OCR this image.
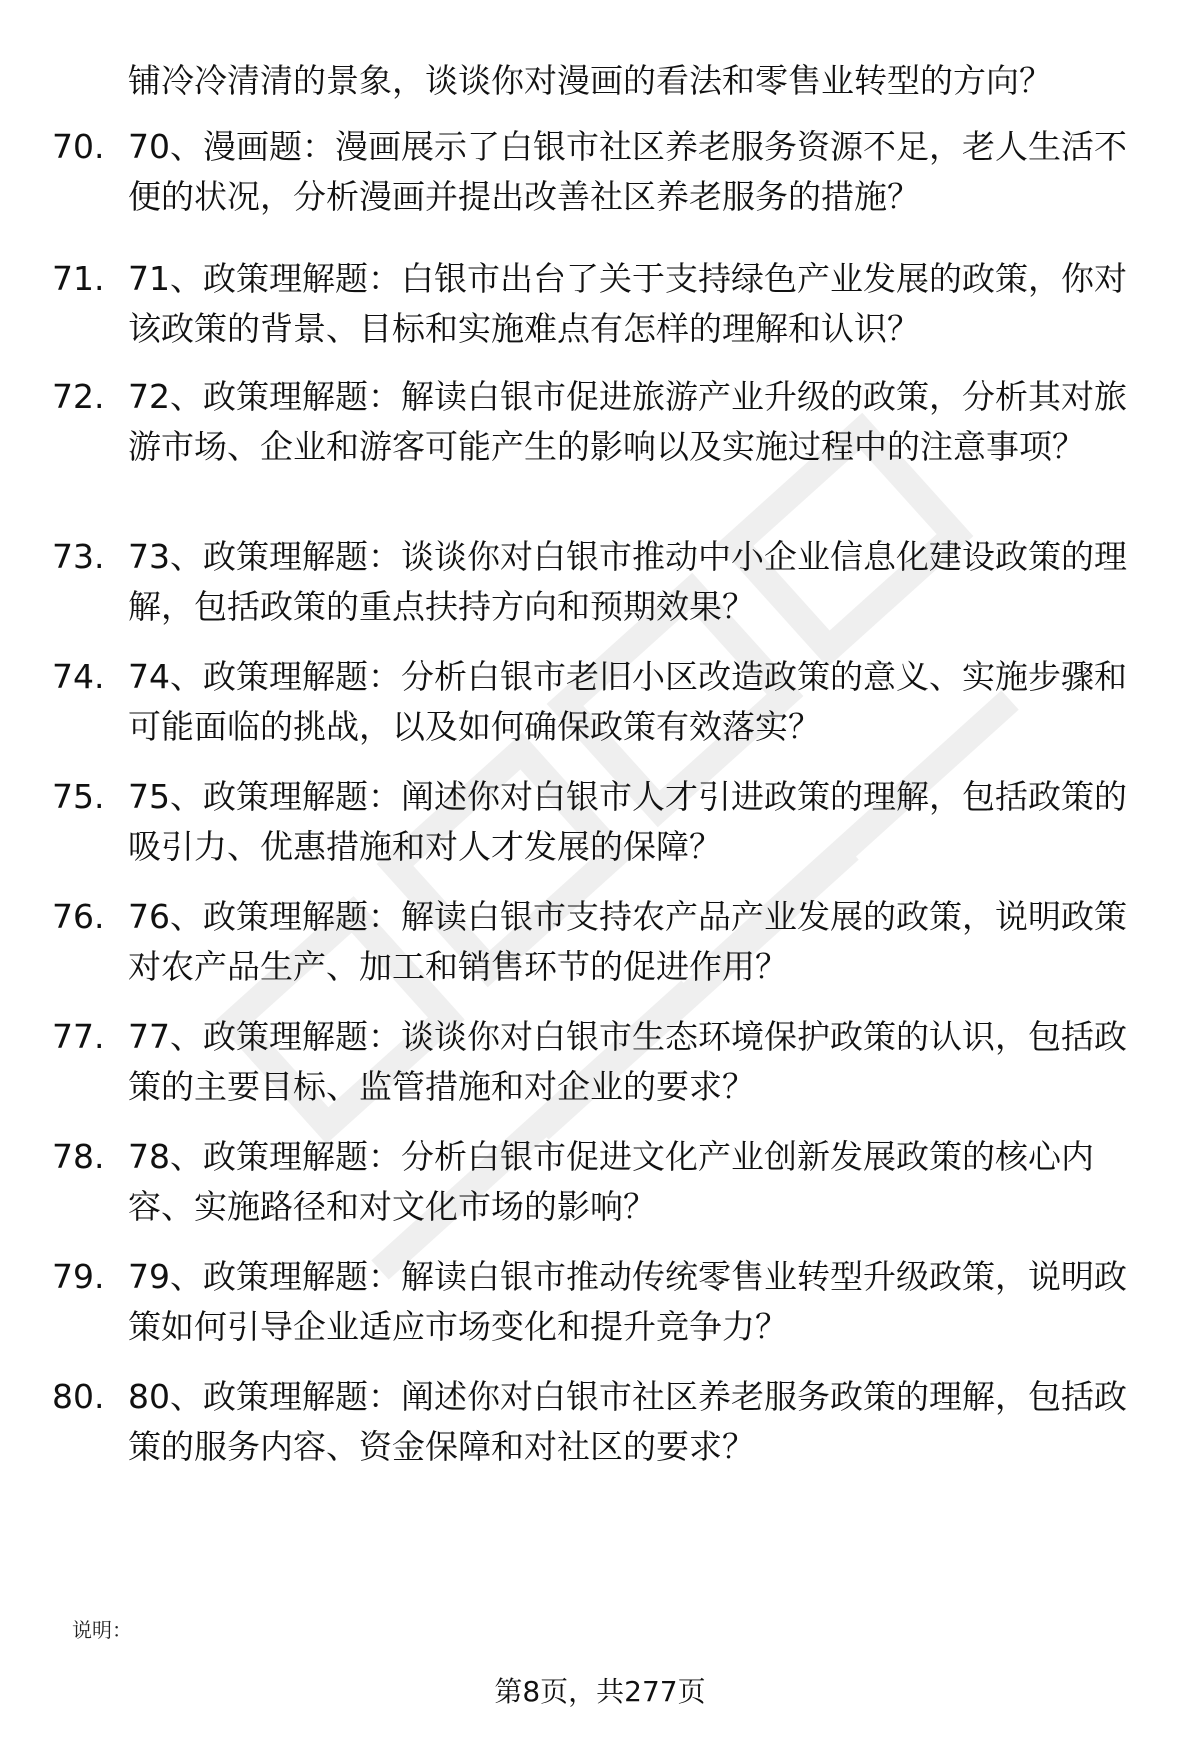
铺冷冷清清的景象，谈谈你对漫画的看法和零售业转型的方向？

70. 70、漫画题：漫画展示了白银市社区养老服务资源不足，老人生活不便的状况，分析漫画并提出改善社区养老服务的措施？

71. 71、政策理解题：白银市出台了关于支持绿色产业发展的政策，你对该政策的背景、目标和实施难点有怎样的理解和认识？

72. 72、政策理解题：解读白银市促进旅游产业升级的政策，分析其对旅游市场、企业和游客可能产生的影响以及实施过程中的注意事项？

73. 73、政策理解题：谈谈你对白银市推动中小企业信息化建设政策的理解，包括政策的重点扶持方向和预期效果？

74. 74、政策理解题：分析白银市老旧小区改造政策的意义、实施步骤和可能面临的挑战，以及如何确保政策有效落实？

75. 75、政策理解题：阐述你对白银市人才引进政策的理解，包括政策的吸引力、优惠措施和对人才发展的保障？

76. 76、政策理解题：解读白银市支持农产品产业发展的政策，说明政策对农产品生产、加工和销售环节的促进作用？

77. 77、政策理解题：谈谈你对白银市生态环境保护政策的认识，包括政策的主要目标、监管措施和对企业的要求？

78. 78、政策理解题：分析白银市促进文化产业创新发展政策的核心内容、实施路径和对文化市场的影响？

79. 79、政策理解题：解读白银市推动传统零售业转型升级政策，说明政策如何引导企业适应市场变化和提升竞争力？

80. 80、政策理解题：阐述你对白银市社区养老服务政策的理解，包括政策的服务内容、资金保障和对社区的要求？

说明：
第8页，共277页
